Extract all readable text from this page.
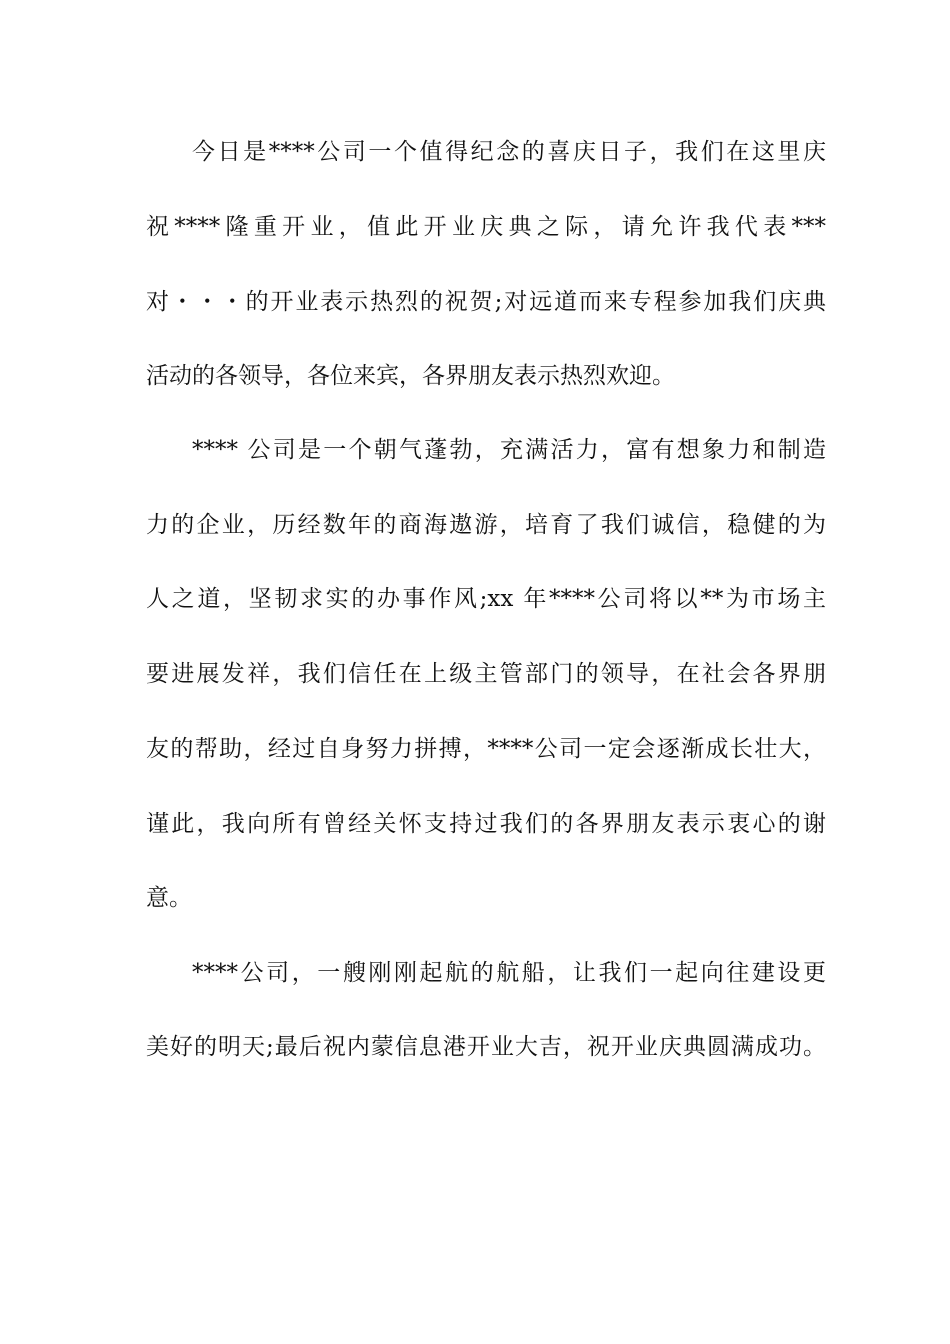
今日是****公司一个值得纪念的喜庆日子，我们在这里庆
祝****隆重开业，值此开业庆典之际，请允许我代表***
对・・・的开业表示热烈的祝贺;对远道而来专程参加我们庆典
活动的各领导，各位来宾，各界朋友表示热烈欢迎。
**** 公司是一个朝气蓬勃，充满活力，富有想象力和制造
力的企业，历经数年的商海遨游，培育了我们诚信，稳健的为
人之道，坚韧求实的办事作风;xx 年****公司将以**为市场主
要进展发祥，我们信任在上级主管部门的领导，在社会各界朋
友的帮助，经过自身努力拼搏，****公司一定会逐渐成长壮大，
谨此，我向所有曾经关怀支持过我们的各界朋友表示衷心的谢
意。
****公司，一艘刚刚起航的航船，让我们一起向往建设更
美好的明天;最后祝内蒙信息港开业大吉，祝开业庆典圆满成功。
